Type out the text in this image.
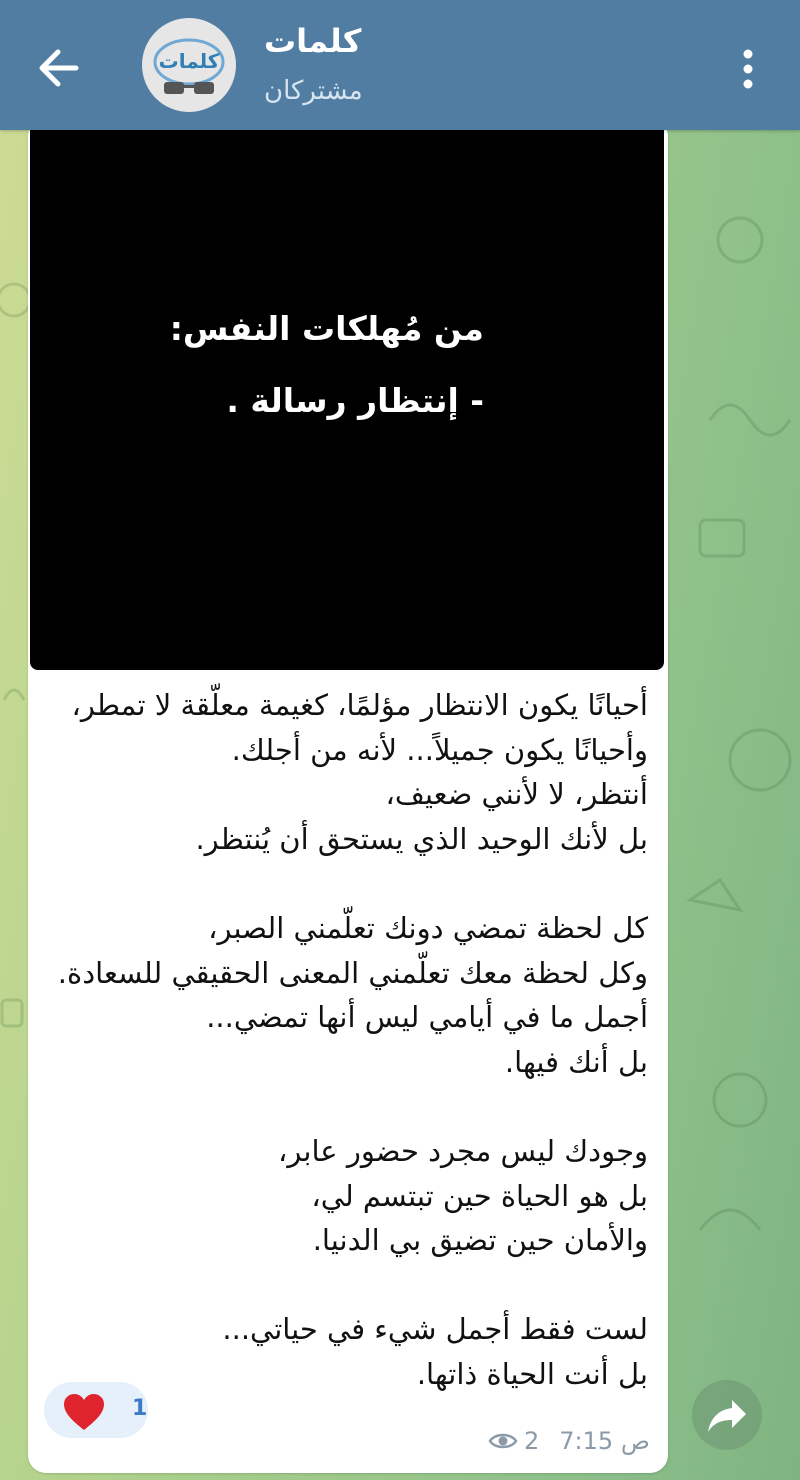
كلمات
كلمات
مشتركان
من مُهلكات النفس:
- إنتظار رسالة .

أحيانًا يكون الانتظار مؤلمًا، كغيمة معلّقة لا تمطر،

وأحيانًا يكون جميلاً... لأنه من أجلك.

أنتظر، لا لأنني ضعيف،

بل لأنك الوحيد الذي يستحق أن يُنتظر.

كل لحظة تمضي دونك تعلّمني الصبر،

وكل لحظة معك تعلّمني المعنى الحقيقي للسعادة.

أجمل ما في أيامي ليس أنها تمضي...

بل أنك فيها.

وجودك ليس مجرد حضور عابر،

بل هو الحياة حين تبتسم لي،

والأمان حين تضيق بي الدنيا.

لست فقط أجمل شيء في حياتي...

بل أنت الحياة ذاتها.

1
2 7:15 ص
